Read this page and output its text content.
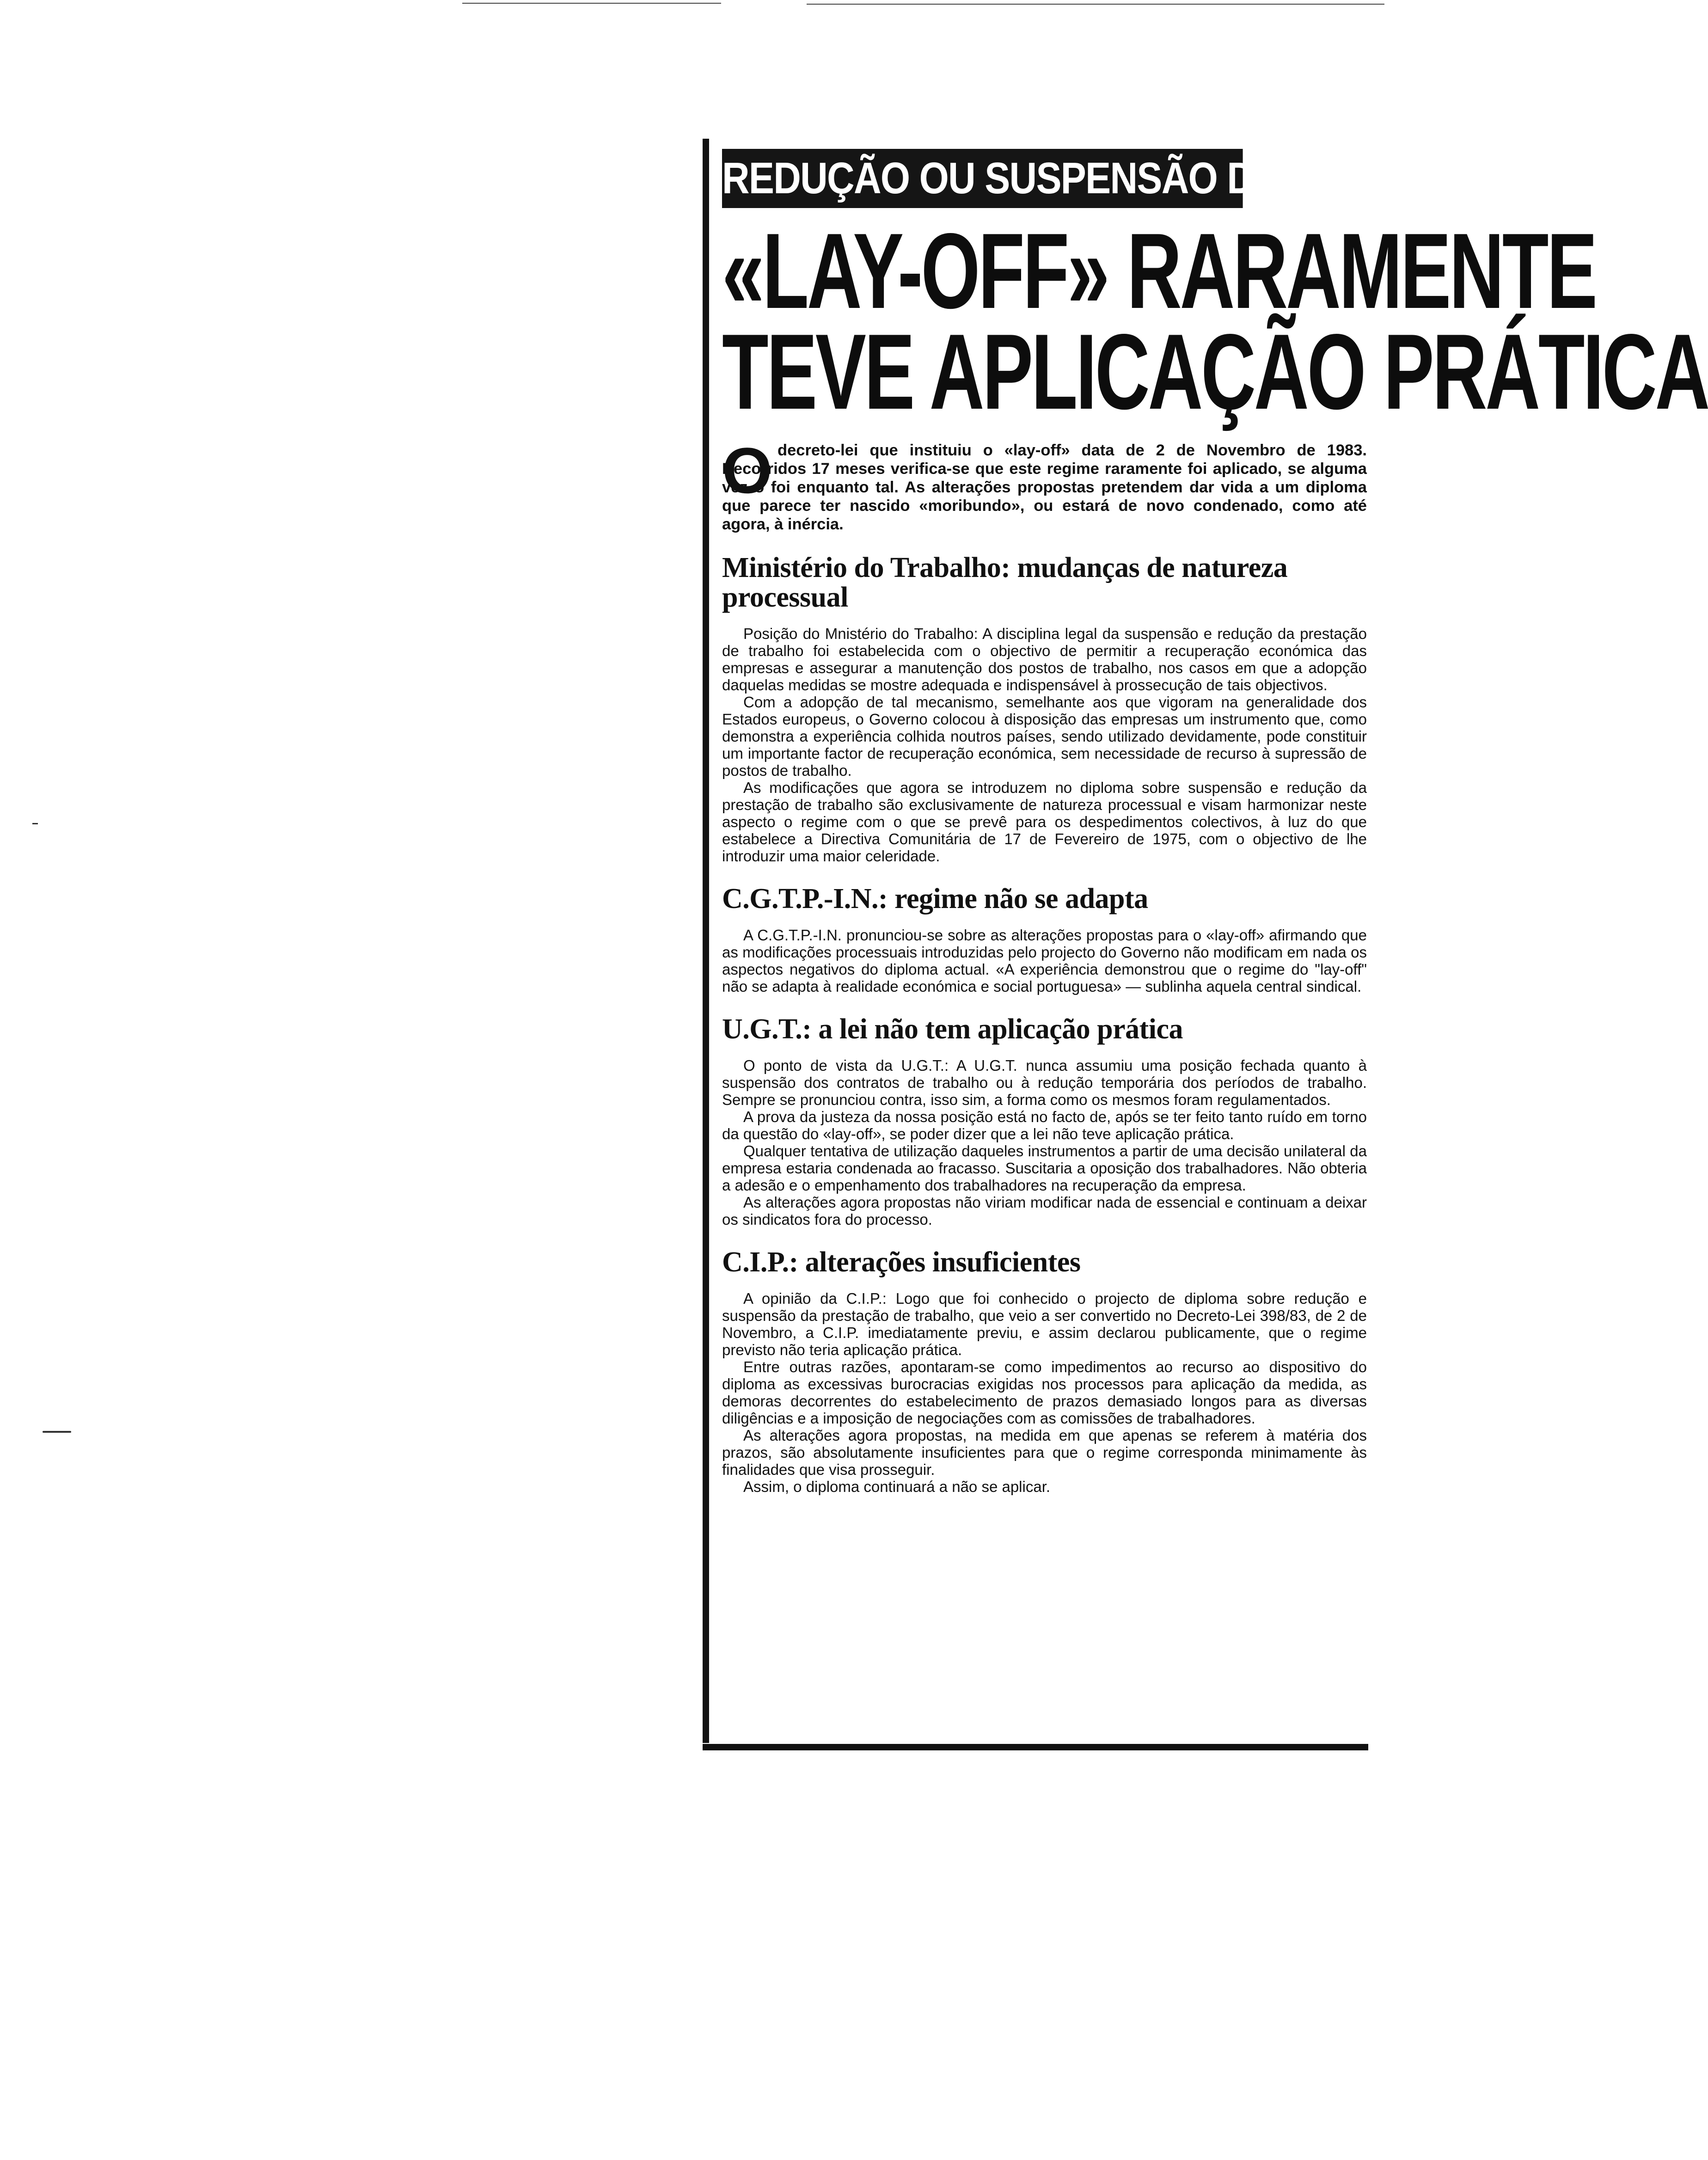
REDUÇÃO OU SUSPENSÃO DO TRABALHO
«LAY-OFF» RARAMENTE
TEVE APLICAÇÃO PRÁTICA
O decreto-lei que instituiu o «lay-off» data de 2 de Novembro de 1983. Decorridos 17 meses verifica-se que este regime raramente foi aplicado, se alguma vez o foi enquanto tal. As alterações propostas pretendem dar vida a um diploma que parece ter nascido «moribundo», ou estará de novo condenado, como até agora, à inércia.

Ministério do Trabalho: mudanças de natureza processual

Posição do Mnistério do Trabalho: A disciplina legal da suspensão e redução da prestação de trabalho foi estabelecida com o objectivo de permitir a recuperação económica das empresas e assegurar a manutenção dos postos de trabalho, nos casos em que a adopção daquelas medidas se mostre adequada e indispensável à prossecução de tais objectivos.

Com a adopção de tal mecanismo, semelhante aos que vigoram na generalidade dos Estados europeus, o Governo colocou à disposição das empresas um instrumento que, como demonstra a experiência colhida noutros países, sendo utilizado devidamente, pode constituir um importante factor de recuperação económica, sem necessidade de recurso à supressão de postos de trabalho.

As modificações que agora se introduzem no diploma sobre suspensão e redução da prestação de trabalho são exclusivamente de natureza processual e visam harmonizar neste aspecto o regime com o que se prevê para os despedimentos colectivos, à luz do que estabelece a Directiva Comunitária de 17 de Fevereiro de 1975, com o objectivo de lhe introduzir uma maior celeridade.

C.G.T.P.-I.N.: regime não se adapta

A C.G.T.P.-I.N. pronunciou-se sobre as alterações propostas para o «lay-off» afirmando que as modificações processuais introduzidas pelo projecto do Governo não modificam em nada os aspectos negativos do diploma actual. «A experiência demonstrou que o regime do "lay-off" não se adapta à realidade económica e social portuguesa» — sublinha aquela central sindical.

U.G.T.: a lei não tem aplicação prática

O ponto de vista da U.G.T.: A U.G.T. nunca assumiu uma posição fechada quanto à suspensão dos contratos de trabalho ou à redução temporária dos períodos de trabalho. Sempre se pronunciou contra, isso sim, a forma como os mesmos foram regulamentados.

A prova da justeza da nossa posição está no facto de, após se ter feito tanto ruído em torno da questão do «lay-off», se poder dizer que a lei não teve aplicação prática.

Qualquer tentativa de utilização daqueles instrumentos a partir de uma decisão unilateral da empresa estaria condenada ao fracasso. Suscitaria a oposição dos trabalhadores. Não obteria a adesão e o empenhamento dos trabalhadores na recuperação da empresa.

As alterações agora propostas não viriam modificar nada de essencial e continuam a deixar os sindicatos fora do processo.

C.I.P.: alterações insuficientes

A opinião da C.I.P.: Logo que foi conhecido o projecto de diploma sobre redução e suspensão da prestação de trabalho, que veio a ser convertido no Decreto-Lei 398/83, de 2 de Novembro, a C.I.P. imediatamente previu, e assim declarou publicamente, que o regime previsto não teria aplicação prática.

Entre outras razões, apontaram-se como impedimentos ao recurso ao dispositivo do diploma as excessivas burocracias exigidas nos processos para aplicação da medida, as demoras decorrentes do estabelecimento de prazos demasiado longos para as diversas diligências e a imposição de negociações com as comissões de trabalhadores.

As alterações agora propostas, na medida em que apenas se referem à matéria dos prazos, são absolutamente insuficientes para que o regime corresponda minimamente às finalidades que visa prosseguir.

Assim, o diploma continuará a não se aplicar.
